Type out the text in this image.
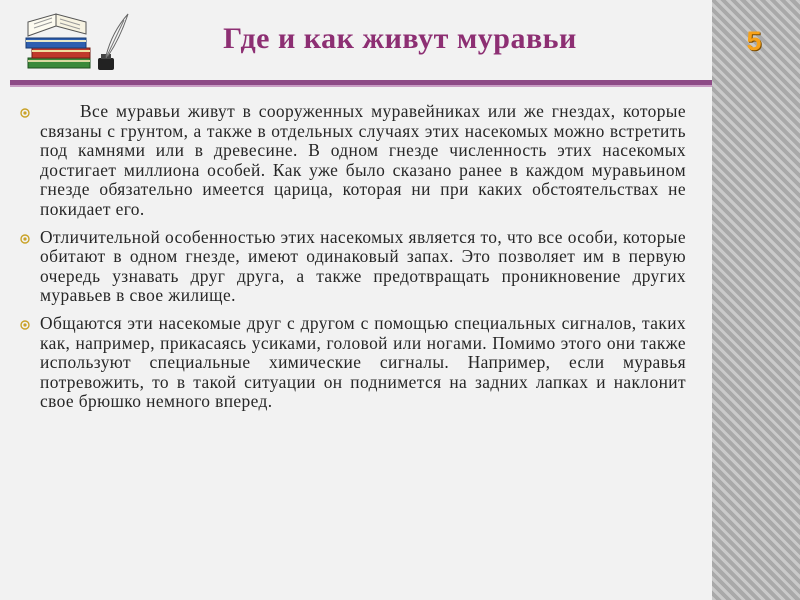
Где и как живут муравьи
Все муравьи живут в сооруженных муравейниках или же гнездах, которые связаны с грунтом, а также в отдельных случаях этих насекомых можно встретить под камнями или в древесине. В одном гнезде численность этих насекомых достигает миллиона особей. Как уже было сказано ранее в каждом муравьином гнезде обязательно имеется царица, которая ни при каких обстоятельствах не покидает его.
Отличительной особенностью этих насекомых является то, что все особи, которые обитают в одном гнезде, имеют одинаковый запах. Это позволяет им в первую очередь узнавать друг друга, а также предотвращать проникновение других муравьев в свое жилище.
Общаются эти насекомые друг с другом с помощью специальных сигналов, таких как, например, прикасаясь усиками, головой или ногами. Помимо этого они также используют специальные химические сигналы. Например, если муравья потревожить, то в такой ситуации он поднимется на задних лапках и наклонит свое брюшко немного вперед.
5
